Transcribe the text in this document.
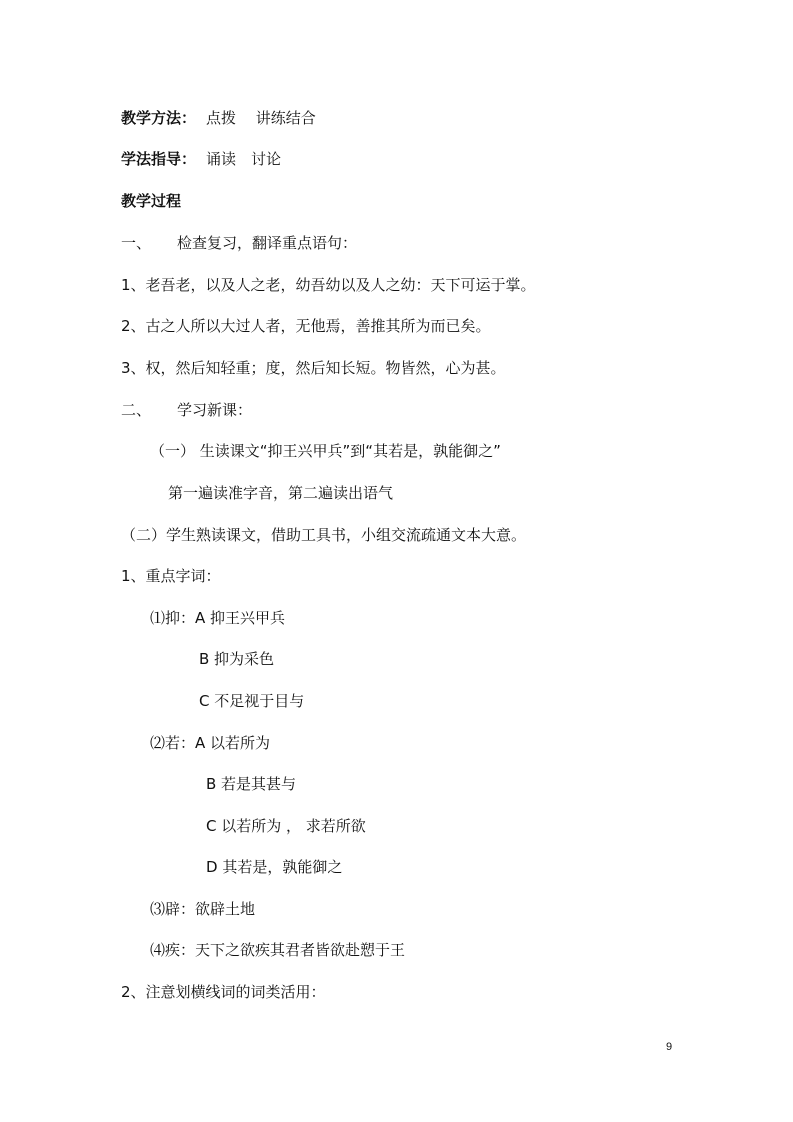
教学方法： 点拨　 讲练结合
学法指导： 诵读　讨论
教学过程
一、 检查复习，翻译重点语句：
1、老吾老，以及人之老，幼吾幼以及人之幼：天下可运于掌。
2、古之人所以大过人者，无他焉，善推其所为而已矣。
3、权，然后知轻重；度，然后知长短。物皆然，心为甚。
二、 学习新课：
（一） 生读课文“抑王兴甲兵”到“其若是，孰能御之”
第一遍读准字音，第二遍读出语气
（二）学生熟读课文，借助工具书，小组交流疏通文本大意。
1、重点字词：
⑴抑：A 抑王兴甲兵
B 抑为采色
C 不足视于目与
⑵若：A 以若所为
B 若是其甚与
C 以若所为 ， 求若所欲
D 其若是，孰能御之
⑶辟：欲辟土地
⑷疾：天下之欲疾其君者皆欲赴愬于王
2、注意划横线词的词类活用：
9
